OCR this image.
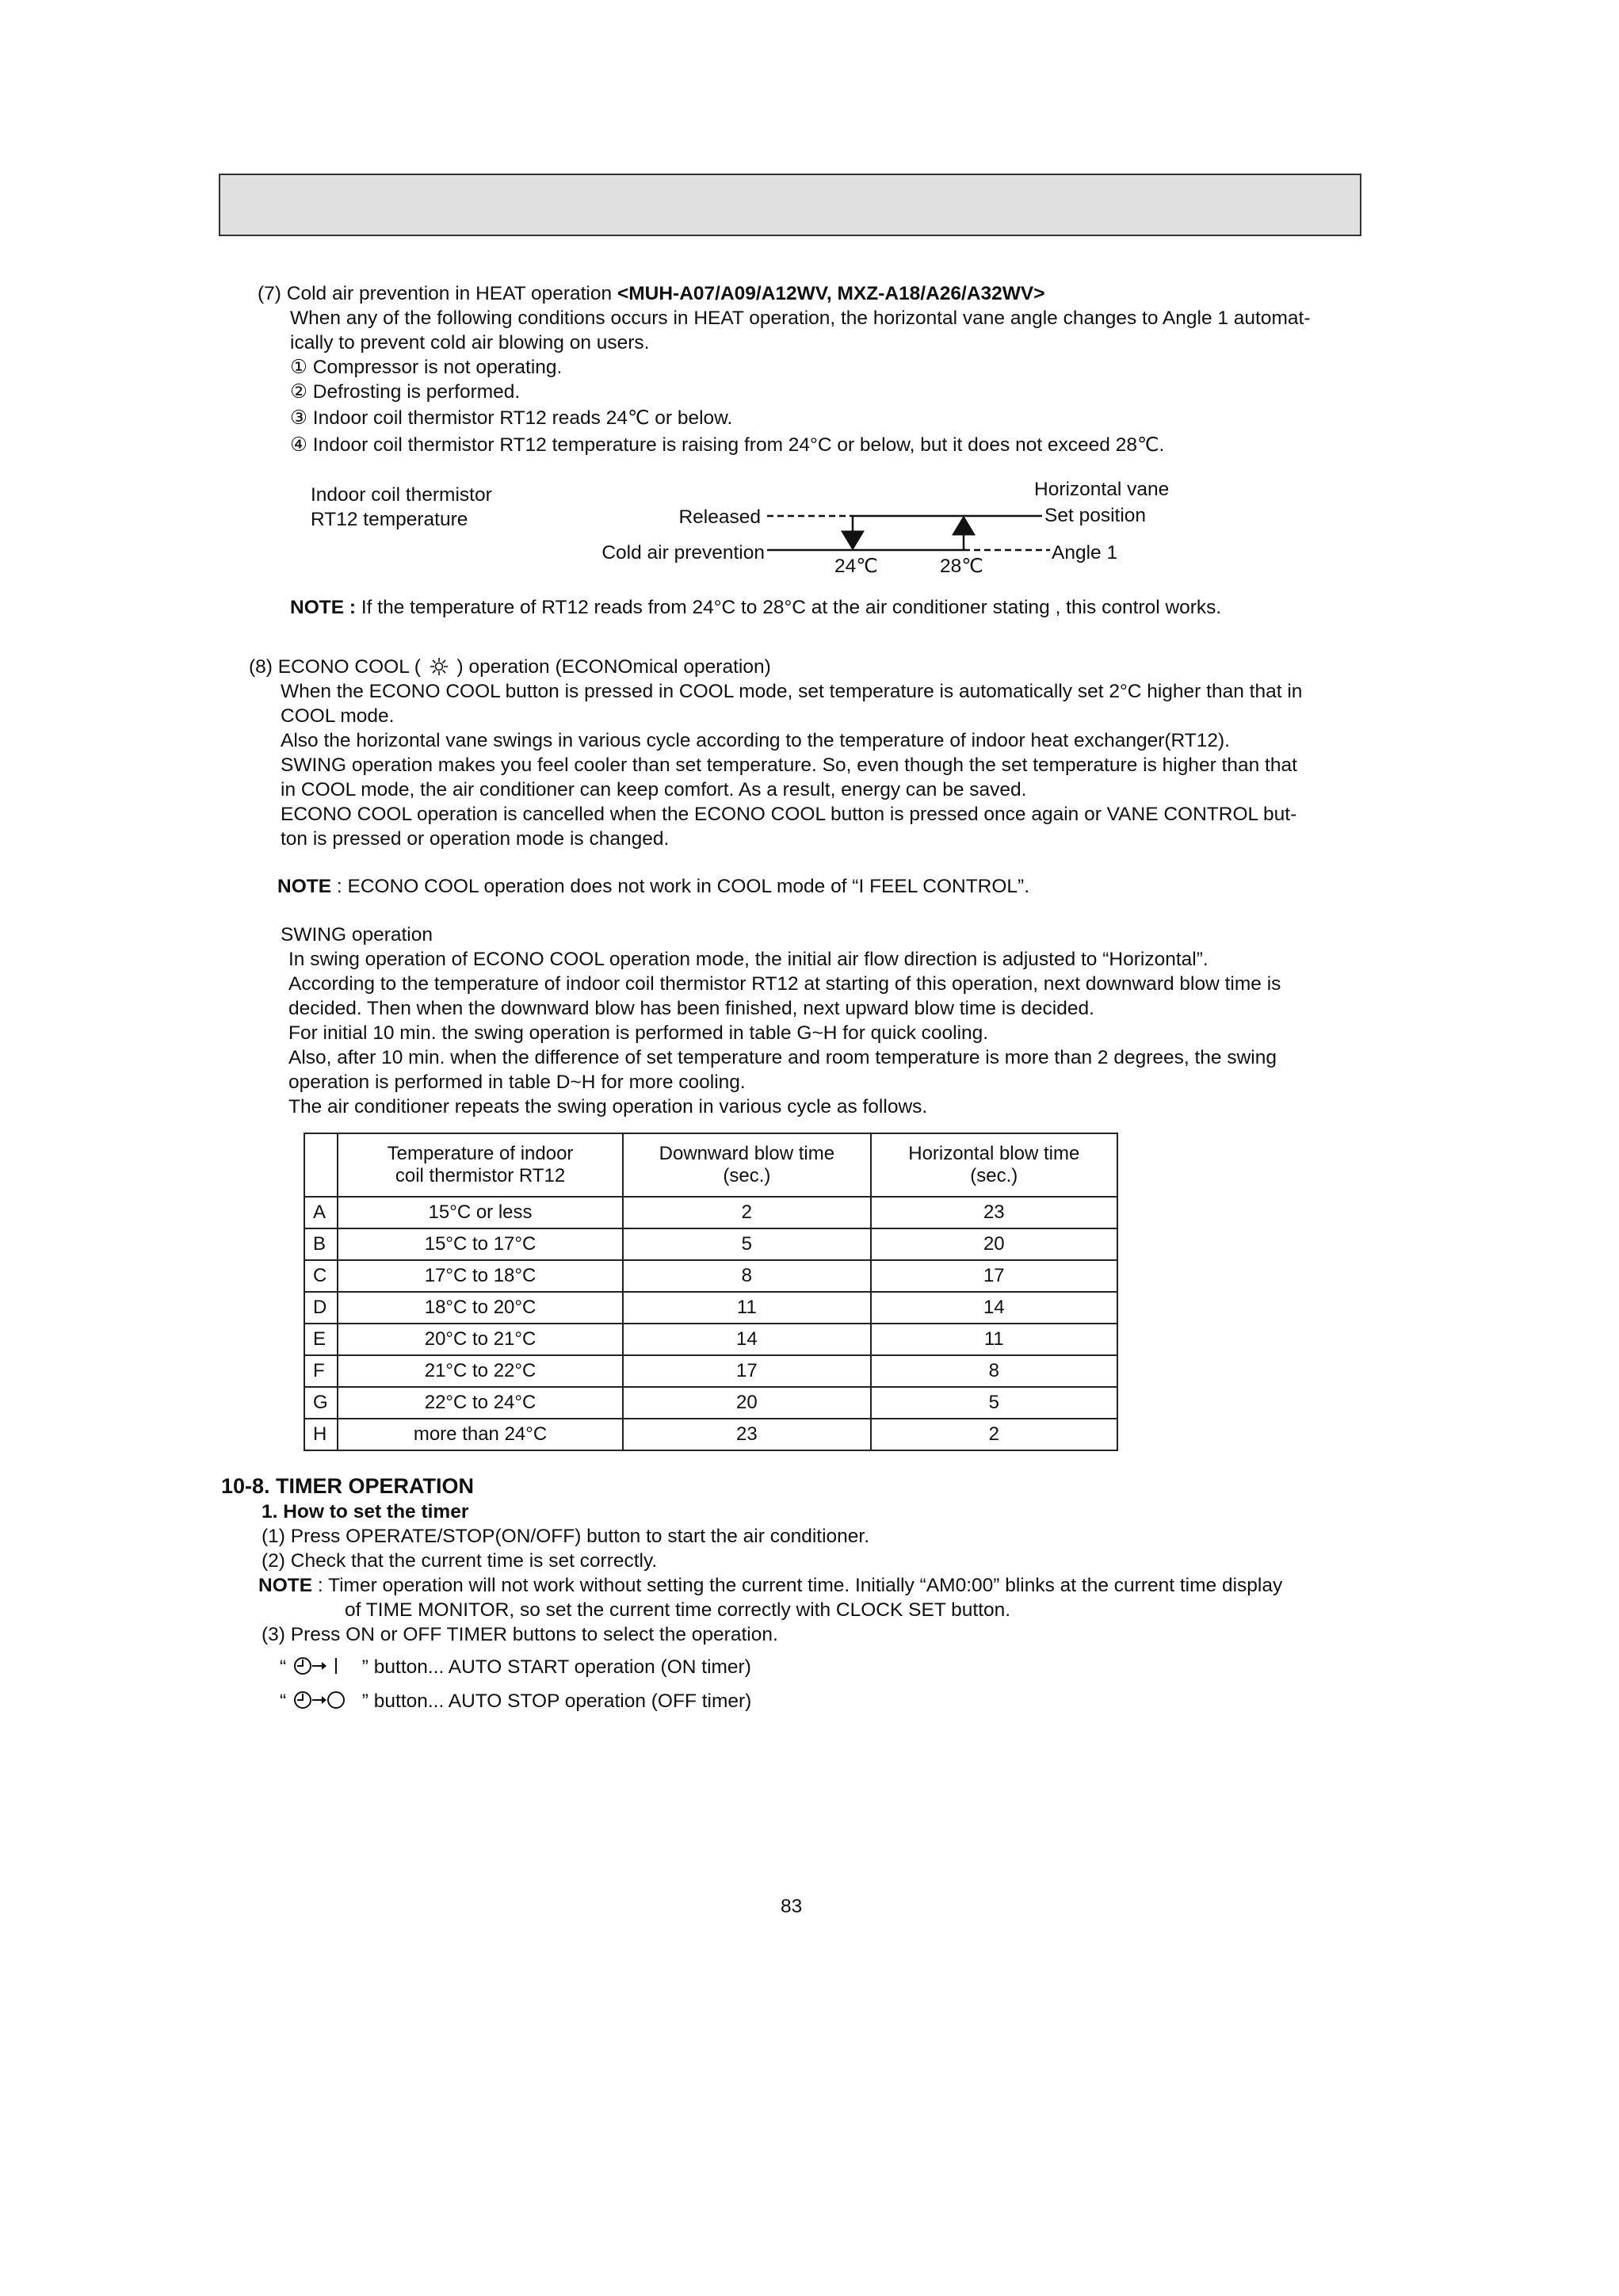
(7) Cold air prevention in HEAT operation <MUH-A07/A09/A12WV, MXZ-A18/A26/A32WV>
When any of the following conditions occurs in HEAT operation, the horizontal vane angle changes to Angle 1 automat-
ically to prevent cold air blowing on users.
① Compressor is not operating.
② Defrosting is performed.
③ Indoor coil thermistor RT12 reads 24℃ or below.
④ Indoor coil thermistor RT12 temperature is raising from 24°C or below, but it does not exceed 28℃.
Indoor coil thermistor
RT12 temperature	Released
Cold air prevention
Horizontal vane
Set position
Angle 1
24℃	28℃
NOTE : If the temperature of RT12 reads from 24°C to 28°C at the air conditioner stating , this control works.
(8) ECONO COOL ( ) operation (ECONOmical operation)
When the ECONO COOL button is pressed in COOL mode, set temperature is automatically set 2°C higher than that in
COOL mode.
Also the horizontal vane swings in various cycle according to the temperature of indoor heat exchanger(RT12).
SWING operation makes you feel cooler than set temperature. So, even though the set temperature is higher than that
in COOL mode, the air conditioner can keep comfort. As a result, energy can be saved.
ECONO COOL operation is cancelled when the ECONO COOL button is pressed once again or VANE CONTROL but-
ton is pressed or operation mode is changed.
NOTE : ECONO COOL operation does not work in COOL mode of “I FEEL CONTROL”.
SWING operation
In swing operation of ECONO COOL operation mode, the initial air flow direction is adjusted to “Horizontal”.
According to the temperature of indoor coil thermistor RT12 at starting of this operation, next downward blow time is
decided. Then when the downward blow has been finished, next upward blow time is decided.
For initial 10 min. the swing operation is performed in table G~H for quick cooling.
Also, after 10 min. when the difference of set temperature and room temperature is more than 2 degrees, the swing
operation is performed in table D~H for more cooling.
The air conditioner repeats the swing operation in various cycle as follows.
	Temperature of indoor
coil thermistor RT12	Downward blow time
(sec.)	Horizontal blow time
(sec.)
A	15°C or less	2	23
B	15°C to 17°C	5	20
C	17°C to 18°C	8	17
D	18°C to 20°C	11	14
E	20°C to 21°C	14	11
F	21°C to 22°C	17	8
G	22°C to 24°C	20	5
H	more than 24°C	23	2
10-8. TIMER OPERATION
1. How to set the timer
(1) Press OPERATE/STOP(ON/OFF) button to start the air conditioner.
(2) Check that the current time is set correctly.
NOTE : Timer operation will not work without setting the current time. Initially “AM0:00” blinks at the current time display
of TIME MONITOR, so set the current time correctly with CLOCK SET button.
(3) Press ON or OFF TIMER buttons to select the operation.
“	” button... AUTO START operation (ON timer)
“	” button... AUTO STOP operation (OFF timer)
83
